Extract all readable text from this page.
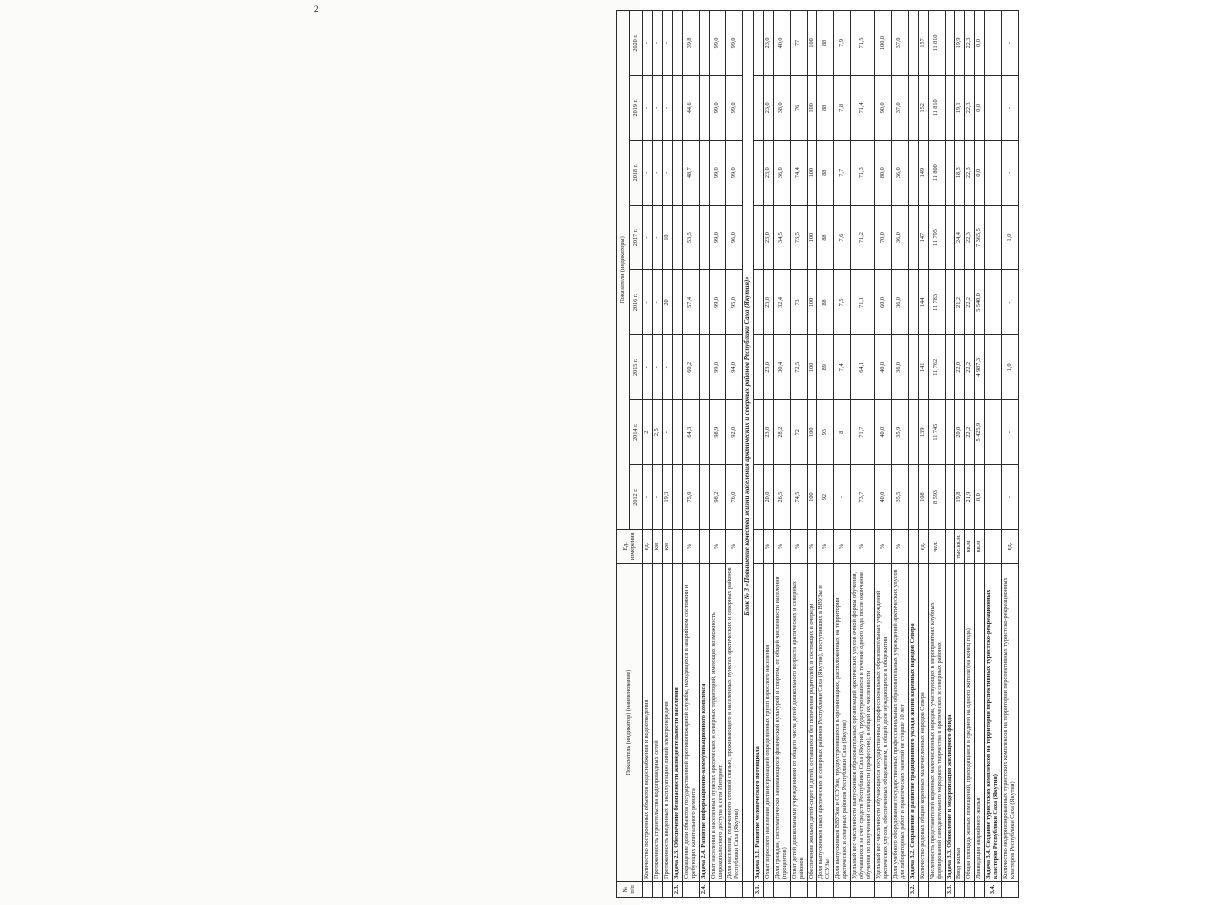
2
№
п/п	Показатель (индикатор) (наименование)	Ед.
измерения	Показатели (индикаторы)							
			2012 г.	2014 г.	2015 г.	2016 г.	2017 г.	2018 г.	2019 г.	2020 г.
	Количество построенных объектов водоснабжения и водоотведения	ед.	-	2	-	-	-	-	-	-
	Протяженность строительства водопроводных сетей	км	-	2,5	-	-	-	-	-	-
	Протяженность введенных в эксплуатацию линий электропередачи	км	19,3	-	-	20	10	-	-	-
2.3.	Задача 2.3. Обеспечение безопасности жизнедеятельности населения									
	Сокращение доли объектов государственной противопожарной службы, находящихся в аварийном состоянии и требующих капитального ремонта	%	75,0	64,3	60,2	57,4	53,5	48,7	44,6	39,8
2.4.	Задача 2.4. Развитие информационно-коммуникационного комплекса									
	Охват населения в населенных пунктах арктических и северных территорий, имеющих возможность широкополосного доступа к сети Интернет	%	98,2	98,9	99,0	99,0	99,0	99,0	99,0	99,0
	Доля населения, охваченного сотовой связью, проживающего в населенных пунктах арктических и северных районов Республики Саха (Якутия)	%	76,0	92,0	94,0	95,0	96,0	99,0	99,0	99,0
	Блок № 3 «Повышение качества жизни населения арктических и северных районов Республики Саха (Якутия)»									
3.1.	Задача 3.1. Развитие человеческого потенциала									
	Охват взрослого населения диспансеризацией определенных групп взрослого населения	%	20,0	23,0	23,0	23,0	23,0	23,0	23,0	23,0
	Доля граждан, систематически занимающихся физической культурой и спортом, от общей численности населения (процентов)	%	26,5	28,2	30,4	32,4	34,5	36,0	38,0	40,0
	Охват детей дошкольными учреждениями от общего числа детей дошкольного возраста арктических и северных районов	%	74,5	72	72,5	73	73,5	74,4	76	77
	Обеспечение жильем детей-сирот и детей, оставшихся без попечения родителей, и состоящих в очереди	%	100	100	100	100	100	100	100	100
	Доля выпускников школ арктических и северных районов Республики Саха (Якутия), поступивших в ВВУЗы и ССУЗы	%	92	93	89	88	88	88	88	88
	Доля выпускников ВВУЗов и ССУЗов, трудоустроившихся в организациях, расположенных на территории арктических и северных районов Республики Саха (Якутия)	%	-	8	7,4	7,5	7,6	7,7	7,8	7,9
	Удельный вес численности выпускников образовательных организаций арктических улусов очной формы обучения, обучавшихся за счет средств Республики Саха (Якутия), трудоустроившихся в течение одного года после окончания обучения по полученной специальности (профессии), в общей их численности	%	73,7	71,7	64,1	71,1	71,2	71,3	71,4	71,5
	Удельный вес численности обучающихся государственных профессиональных образовательных учреждений арктических улусов, обеспеченных общежитием, в общей доле нуждающихся в общежитии	%	40,0	40,0	40,0	60,0	70,0	80,0	90,0	100,0
	Доля учебного оборудования государственных профессиональных образовательных учреждений арктических улусов для лабораторных работ и практических занятий не старше 10 лет	%	35,5	35,9	36,0	36,0	36,0	36,0	37,0	37,0
3.2.	Задача 3.2. Сохранение и развитие традиционного уклада жизни коренных народов Севера									
	Количество родовых общин коренных малочисленных народов Севера	ед.	108	139	141	144	147	149	152	157
	Численность представителей коренных малочисленных народов, участвующих в мероприятиях клубных формирований самодеятельного народного творчества в арктических и северных районах	чел.	8 593	11 745	11 762	11 783	11 795	11 800	11 810	11 810
3.3.	Задача 3.3. Обновление и модернизация жилищного фонда									
	Ввод жилья	тыс.кв.м.	19,8	20,0	22,0	21,2	24,4	18,3	19,1	19,9
	Общая площадь жилых помещений, приходящаяся в среднем на одного жителя (на конец года)	кв.м	21,9	22,2	22,2	22,2	22,3	22,3	22,3	22,3
	Ликвидация аварийного жилья	кв.м	0,0	5 425,9	4 987,3	5 540,0	7 365,5	0,0	0,0	0,0
3.4.	Задача 3.4. Создание туристских комплексов на территории перспективных туристско-рекреационных кластеров Республики Саха (Якутия)									
	Количество модернизированных туристских комплексов на территории перспективных туристско-рекреационных кластеров Республики Саха (Якутия)	ед.	-	-	1,0	-	1,0	-	-	-
